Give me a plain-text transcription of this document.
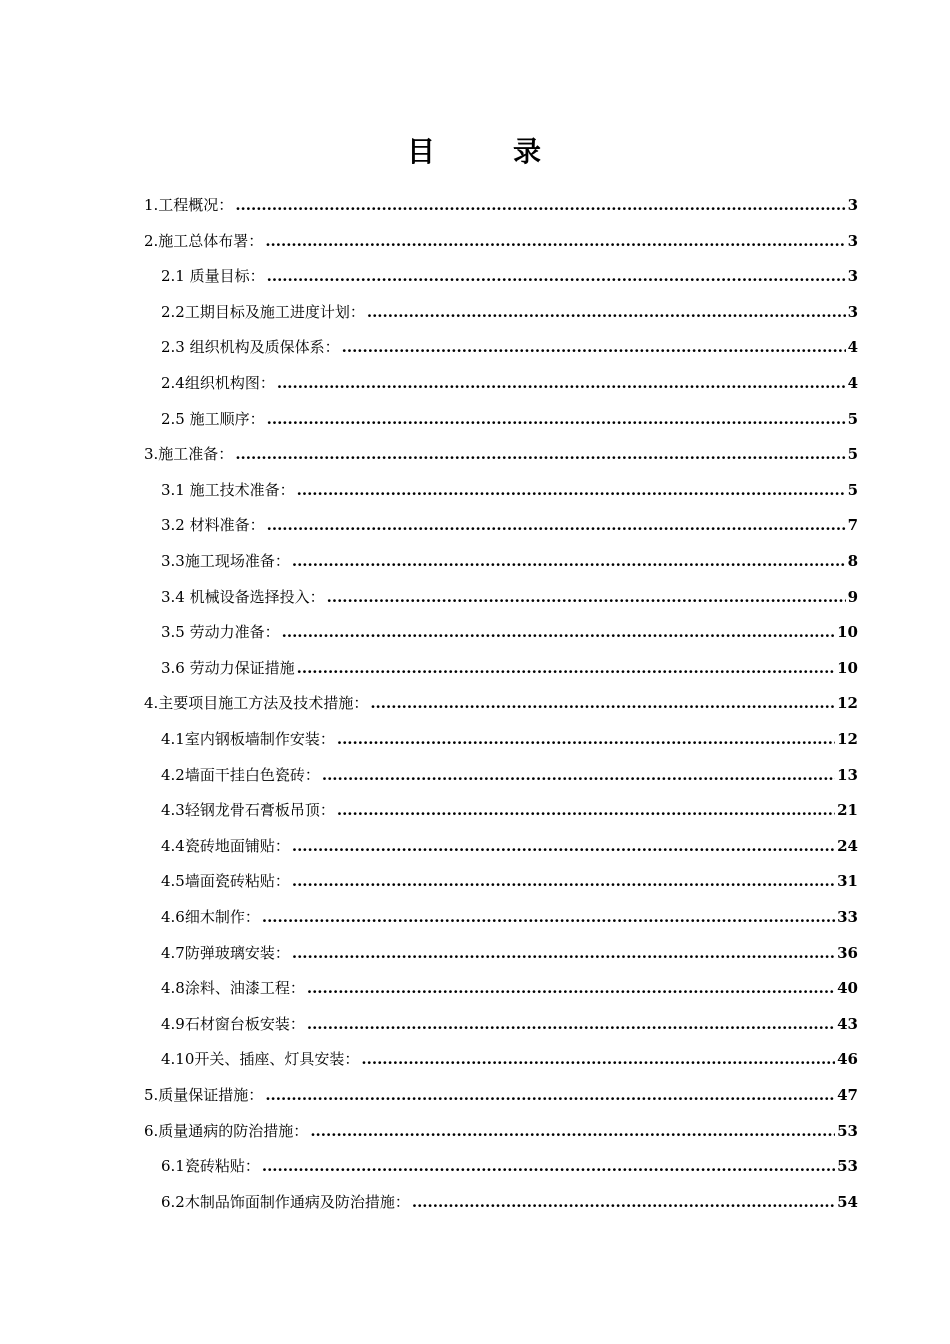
目	录
1.工程概况： .....	3
2.施工总体布署： .....	3
2.1 质量目标： .....	3
2.2工期目标及施工进度计划： .....	3
2.3 组织机构及质保体系： .....	4
2.4组织机构图： .....	4
2.5 施工顺序： .....	5
3.施工准备： .....	5
3.1 施工技术准备： .....	5
3.2 材料准备： .....	7
3.3施工现场准备： .....	8
3.4 机械设备选择投入： .....	9
3.5 劳动力准备： .....	10
3.6 劳动力保证措施 .....	10
4.主要项目施工方法及技术措施： .....	12
4.1室内钢板墙制作安装： .....	12
4.2墙面干挂白色瓷砖： .....	13
4.3轻钢龙骨石膏板吊顶： .....	21
4.4瓷砖地面铺贴： .....	24
4.5墙面瓷砖粘贴： .....	31
4.6细木制作： .....	33
4.7防弹玻璃安装： .....	36
4.8涂料、油漆工程： .....	40
4.9石材窗台板安装： .....	43
4.10开关、插座、灯具安装： .....	46
5.质量保证措施： .....	47
6.质量通病的防治措施： .....	53
6.1瓷砖粘贴： .....	53
6.2木制品饰面制作通病及防治措施： .....	54
